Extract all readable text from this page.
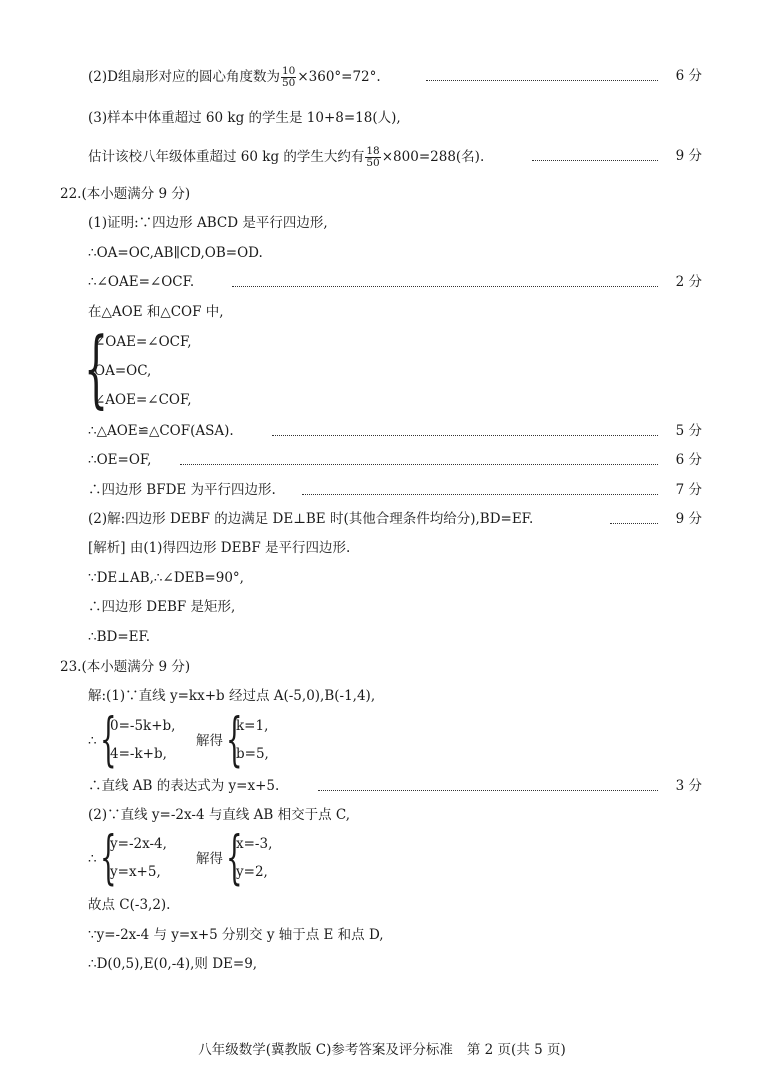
(2)D组扇形对应的圆心角度数为 $\frac{10}{50} \times 360^\circ=72^\circ$.	6 分
(3)样本中体重超过 60 kg 的学生是 10+8=18(人),
估计该校八年级体重超过 60 kg 的学生大约有 $\frac{18}{50} \times 800=288$(名).	9 分
22.(本小题满分 9 分)
(1)证明:∵四边形 ABCD 是平行四边形,
∴OA=OC,AB∥CD,OB=OD.
∴∠OAE=∠OCF.	2 分
在△AOE 和△COF 中,
{
∠OAE=∠OCF,
OA=OC,
∠AOE=∠COF,
∴△AOE≌△COF(ASA).	5 分
∴OE=OF,	6 分
∴四边形 BFDE 为平行四边形.	7 分
(2)解:四边形 DEBF 的边满足 DE⊥BE 时(其他合理条件均给分),BD=EF.	9 分
[解析] 由(1)得四边形 DEBF 是平行四边形.
∵DE⊥AB,∴∠DEB=90°,
∴四边形 DEBF 是矩形,
∴BD=EF.
23.(本小题满分 9 分)
解:(1)∵直线 y=kx+b 经过点 A(-5,0),B(-1,4),
∴ {
0=-5k+b,
4=-k+b,
解得 {
k=1,
b=5,
∴直线 AB 的表达式为 y=x+5.	3 分
(2)∵直线 y=-2x-4 与直线 AB 相交于点 C,
∴ {
y=-2x-4,
y=x+5,
解得 {
x=-3,
y=2,
故点 C(-3,2).
∵y=-2x-4 与 y=x+5 分别交 y 轴于点 E 和点 D,
∴D(0,5),E(0,-4),则 DE=9,
八年级数学(冀教版 C)参考答案及评分标准 第 2 页(共 5 页)
